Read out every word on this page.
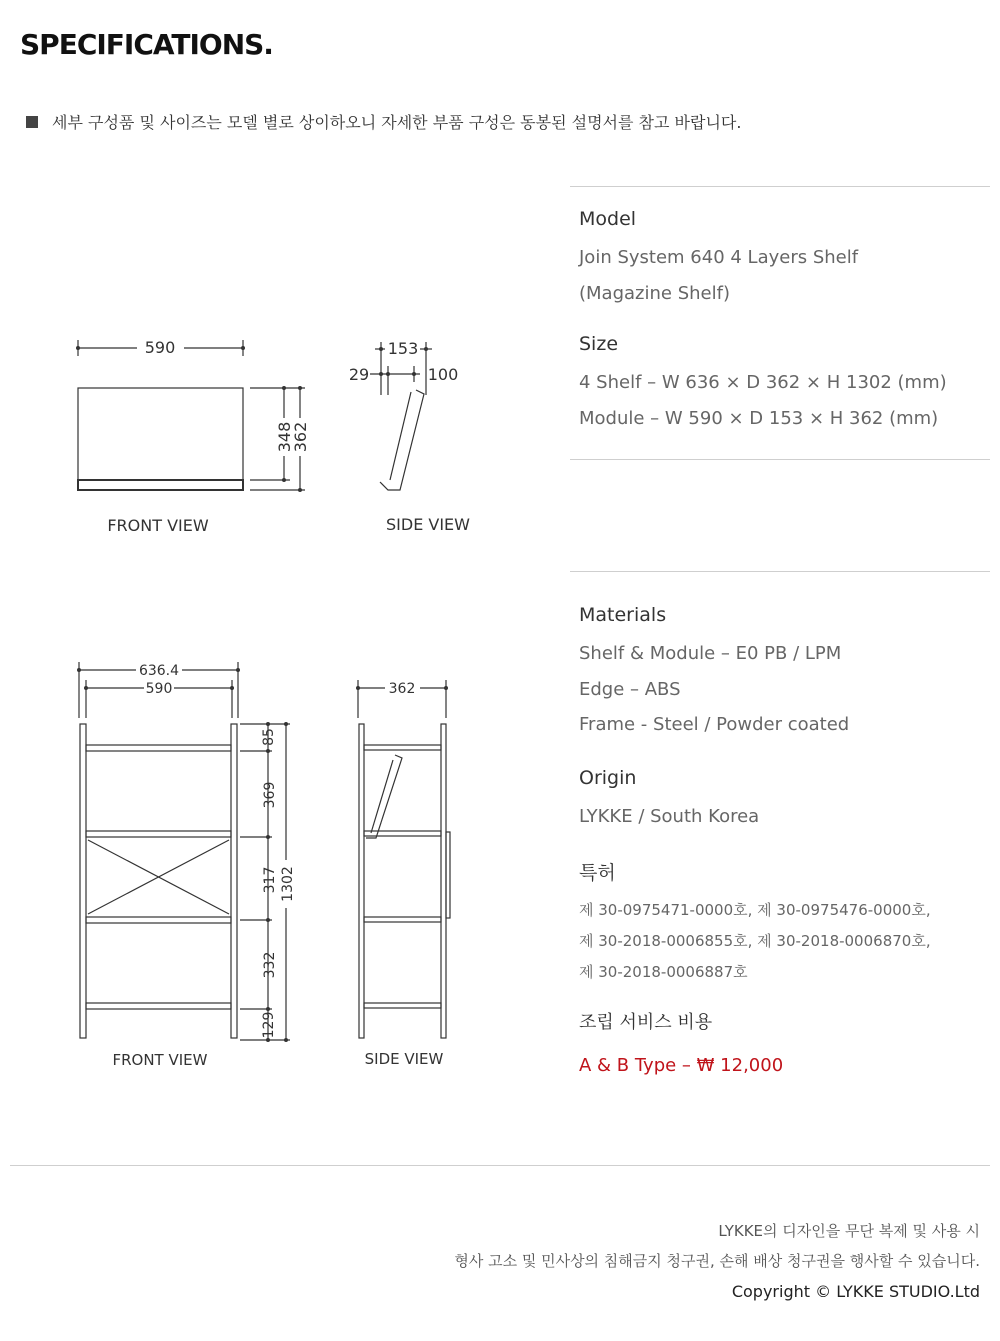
SPECIFICATIONS.
세부 구성품 및 사이즈는 모델 별로 상이하오니 자세한 부품 구성은 동봉된 설명서를 참고 바랍니다.
590
348
362
153
29	100
FRONT VIEW	SIDE VIEW
636.4
590
85
369
317
332
129
1302
362
FRONT VIEW	SIDE VIEW
Model
Join System 640 4 Layers Shelf
(Magazine Shelf)
Size
4 Shelf – W 636 × D 362 × H 1302 (mm)
Module – W 590 × D 153 × H 362 (mm)
Materials
Shelf & Module – E0 PB / LPM
Edge – ABS
Frame - Steel / Powder coated
Origin
LYKKE / South Korea
특허
제 30-0975471-0000호, 제 30-0975476-0000호,
제 30-2018-0006855호, 제 30-2018-0006870호,
제 30-2018-0006887호
조립 서비스 비용
A & B Type – ₩ 12,000
LYKKE의 디자인을 무단 복제 및 사용 시
형사 고소 및 민사상의 침해금지 청구권, 손해 배상 청구권을 행사할 수 있습니다.
Copyright © LYKKE STUDIO.Ltd
